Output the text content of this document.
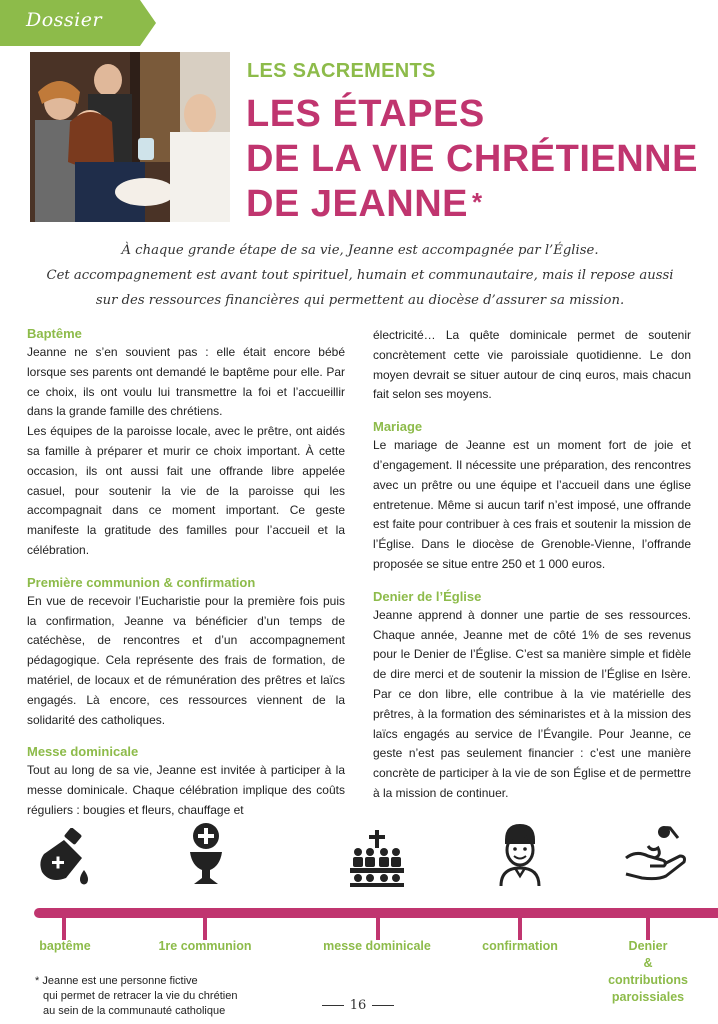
Dossier
LES SACREMENTS
LES ÉTAPES
DE LA VIE CHRÉTIENNE
DE JEANNE *
À chaque grande étape de sa vie, Jeanne est accompagnée par l’Église.
Cet accompagnement est avant tout spirituel, humain et communautaire, mais il repose aussi
sur des ressources financières qui permettent au diocèse d’assurer sa mission.
Baptême

Jeanne ne s’en souvient pas : elle était encore bébé lorsque ses parents ont demandé le baptême pour elle. Par ce choix, ils ont voulu lui transmettre la foi et l’accueillir dans la grande famille des chrétiens.

Les équipes de la paroisse locale, avec le prêtre, ont aidés sa famille à préparer et murir ce choix important. À cette occasion, ils ont aussi fait une offrande libre appelée casuel, pour soutenir la vie de la paroisse qui les accompagnait dans ce moment important. Ce geste manifeste la gratitude des familles pour l’accueil et la célébration.

Première communion & confirmation

En vue de recevoir l’Eucharistie pour la première fois puis la confirmation, Jeanne va bénéficier d’un temps de catéchèse, de rencontres et d’un accompagnement pédagogique. Cela représente des frais de formation, de matériel, de locaux et de rémunération des prêtres et laïcs engagés. Là encore, ces ressources viennent de la solidarité des catholiques.

Messe dominicale

Tout au long de sa vie, Jeanne est invitée à participer à la messe dominicale. Chaque célébration implique des coûts réguliers : bougies et fleurs, chauffage et

électricité… La quête dominicale permet de soutenir concrètement cette vie paroissiale quotidienne. Le don moyen devrait se situer autour de cinq euros, mais chacun fait selon ses moyens.

Mariage

Le mariage de Jeanne est un moment fort de joie et d’engagement. Il nécessite une préparation, des rencontres avec un prêtre ou une équipe et l’accueil dans une église entretenue. Même si aucun tarif n’est imposé, une offrande est faite pour contribuer à ces frais et soutenir la mission de l’Église. Dans le diocèse de Grenoble-Vienne, l’offrande proposée se situe entre 250 et 1 000 euros.

Denier de l’Église

Jeanne apprend à donner une partie de ses ressources. Chaque année, Jeanne met de côté 1% de ses revenus pour le Denier de l’Église. C’est sa manière simple et fidèle de dire merci et de soutenir la mission de l’Église en Isère. Par ce don libre, elle contribue à la vie matérielle des prêtres, à la formation des séminaristes et à la mission des laïcs engagés au service de l’Évangile. Pour Jeanne, ce geste n’est pas seulement financier : c’est une manière concrète de participer à la vie de son Église et de permettre à la mission de continuer.

baptême	1re communion	messe dominicale	confirmation	Denier
&
contributions
paroissiales
* Jeanne est une personne fictive
qui permet de retracer la vie du chrétien
au sein de la communauté catholique	16
